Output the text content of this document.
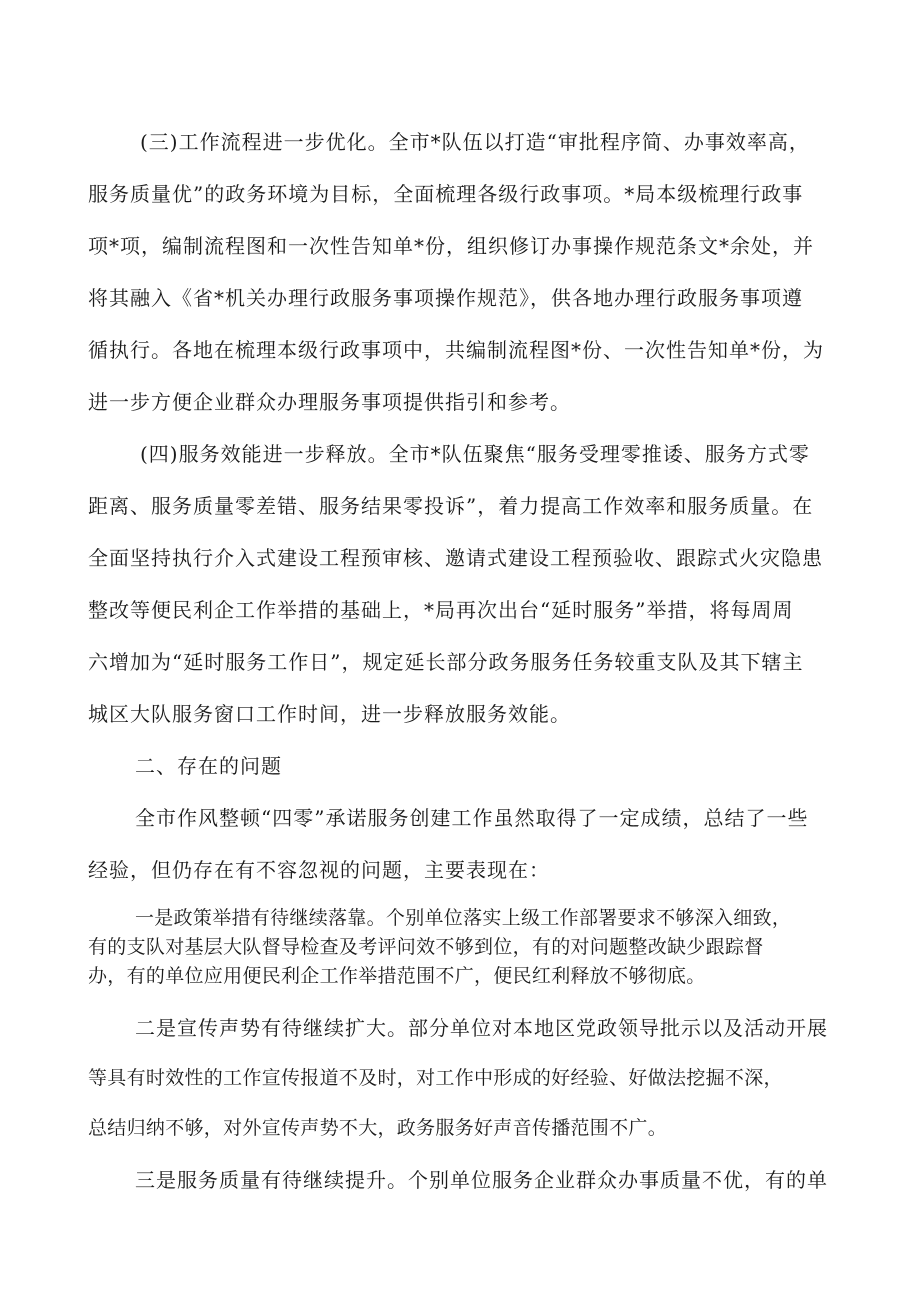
(三)工作流程进一步优化。全市*队伍以打造“审批程序简、办事效率高，

服务质量优”的政务环境为目标，全面梳理各级行政事项。*局本级梳理行政事

项*项，编制流程图和一次性告知单*份，组织修订办事操作规范条文*余处，并

将其融入《省*机关办理行政服务事项操作规范》，供各地办理行政服务事项遵

循执行。各地在梳理本级行政事项中，共编制流程图*份、一次性告知单*份，为

进一步方便企业群众办理服务事项提供指引和参考。

(四)服务效能进一步释放。全市*队伍聚焦“服务受理零推诿、服务方式零

距离、服务质量零差错、服务结果零投诉”，着力提高工作效率和服务质量。在

全面坚持执行介入式建设工程预审核、邀请式建设工程预验收、跟踪式火灾隐患

整改等便民利企工作举措的基础上，*局再次出台“延时服务”举措，将每周周

六增加为“延时服务工作日”，规定延长部分政务服务任务较重支队及其下辖主

城区大队服务窗口工作时间，进一步释放服务效能。

二、存在的问题

全市作风整顿“四零”承诺服务创建工作虽然取得了一定成绩，总结了一些

经验，但仍存在有不容忽视的问题，主要表现在：

一是政策举措有待继续落靠。个别单位落实上级工作部署要求不够深入细致，

有的支队对基层大队督导检查及考评问效不够到位，有的对问题整改缺少跟踪督

办，有的单位应用便民利企工作举措范围不广，便民红利释放不够彻底。

二是宣传声势有待继续扩大。部分单位对本地区党政领导批示以及活动开展

等具有时效性的工作宣传报道不及时，对工作中形成的好经验、好做法挖掘不深，

总结归纳不够，对外宣传声势不大，政务服务好声音传播范围不广。

三是服务质量有待继续提升。个别单位服务企业群众办事质量不优，有的单
